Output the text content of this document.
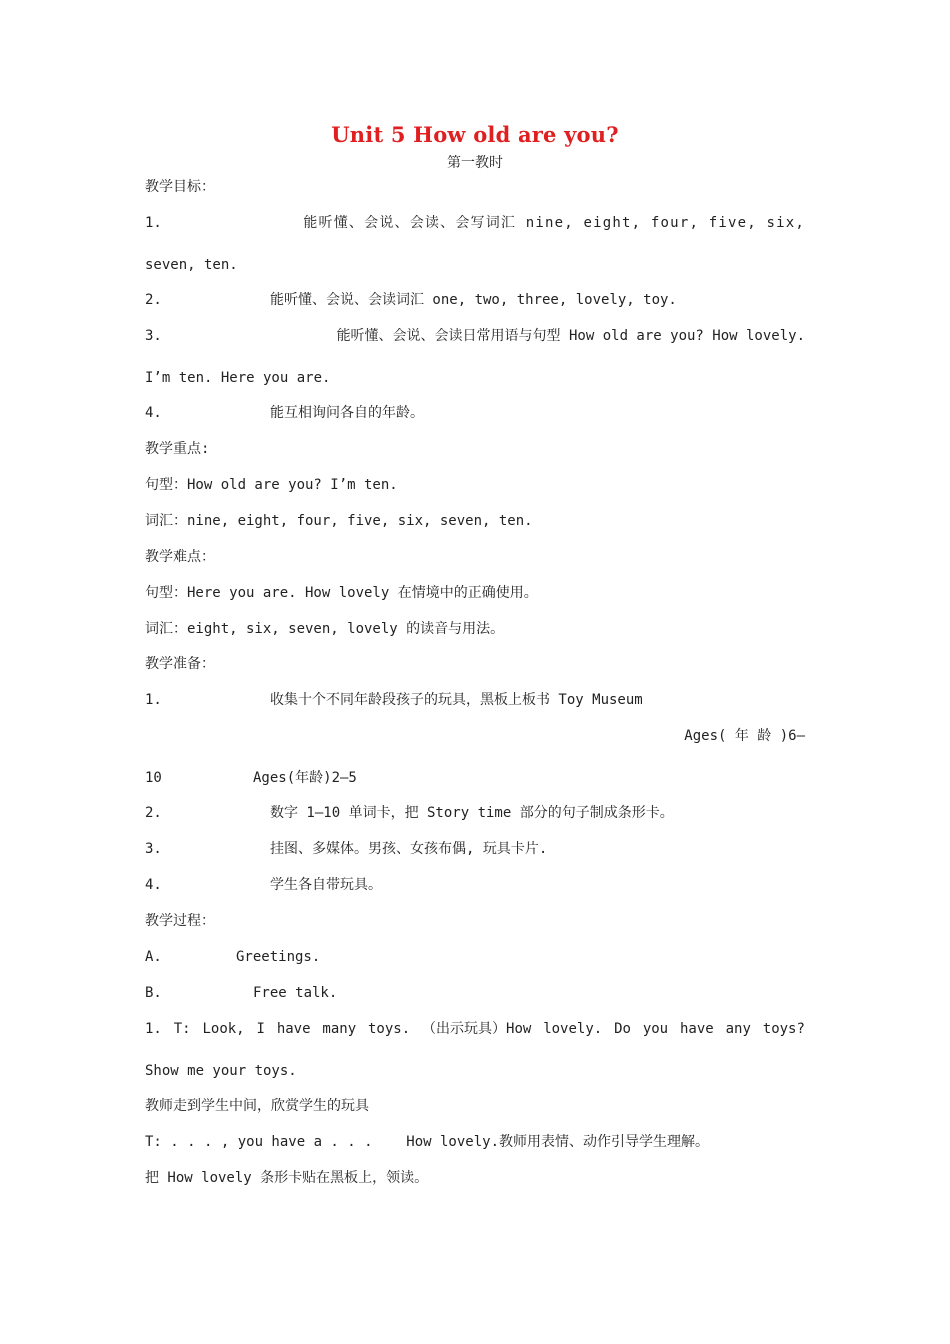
Unit 5 How old are you?
第一教时
教学目标：
1.	能听懂、会说、会读、会写词汇 nine, eight, four, five, six,
seven, ten.
2.	能听懂、会说、会读词汇 one, two, three, lovely, toy.
3.	能听懂、会说、会读日常用语与句型 How old are you? How lovely.
I’m ten. Here you are.
4.	能互相询问各自的年龄。
教学重点:
句型：How old are you? I’m ten.
词汇：nine, eight, four, five, six, seven, ten.
教学难点：
句型：Here you are. How lovely 在情境中的正确使用。
词汇：eight, six, seven, lovely 的读音与用法。
教学准备：
1.	收集十个不同年龄段孩子的玩具，黑板上板书 Toy Museum
Ages( 年 龄 )6—
10	Ages(年龄)2—5
2.	数字 1—10 单词卡，把 Story time 部分的句子制成条形卡。
3.	挂图、多媒体。男孩、女孩布偶, 玩具卡片.
4.	学生各自带玩具。
教学过程：
A.	Greetings.
B.	Free talk.
1. T: Look, I have many toys. （出示玩具）How lovely. Do you have any toys?
Show me your toys.
教师走到学生中间，欣赏学生的玩具
T: . . . , you have a . . .    How lovely.教师用表情、动作引导学生理解。
把 How lovely 条形卡贴在黑板上，领读。
